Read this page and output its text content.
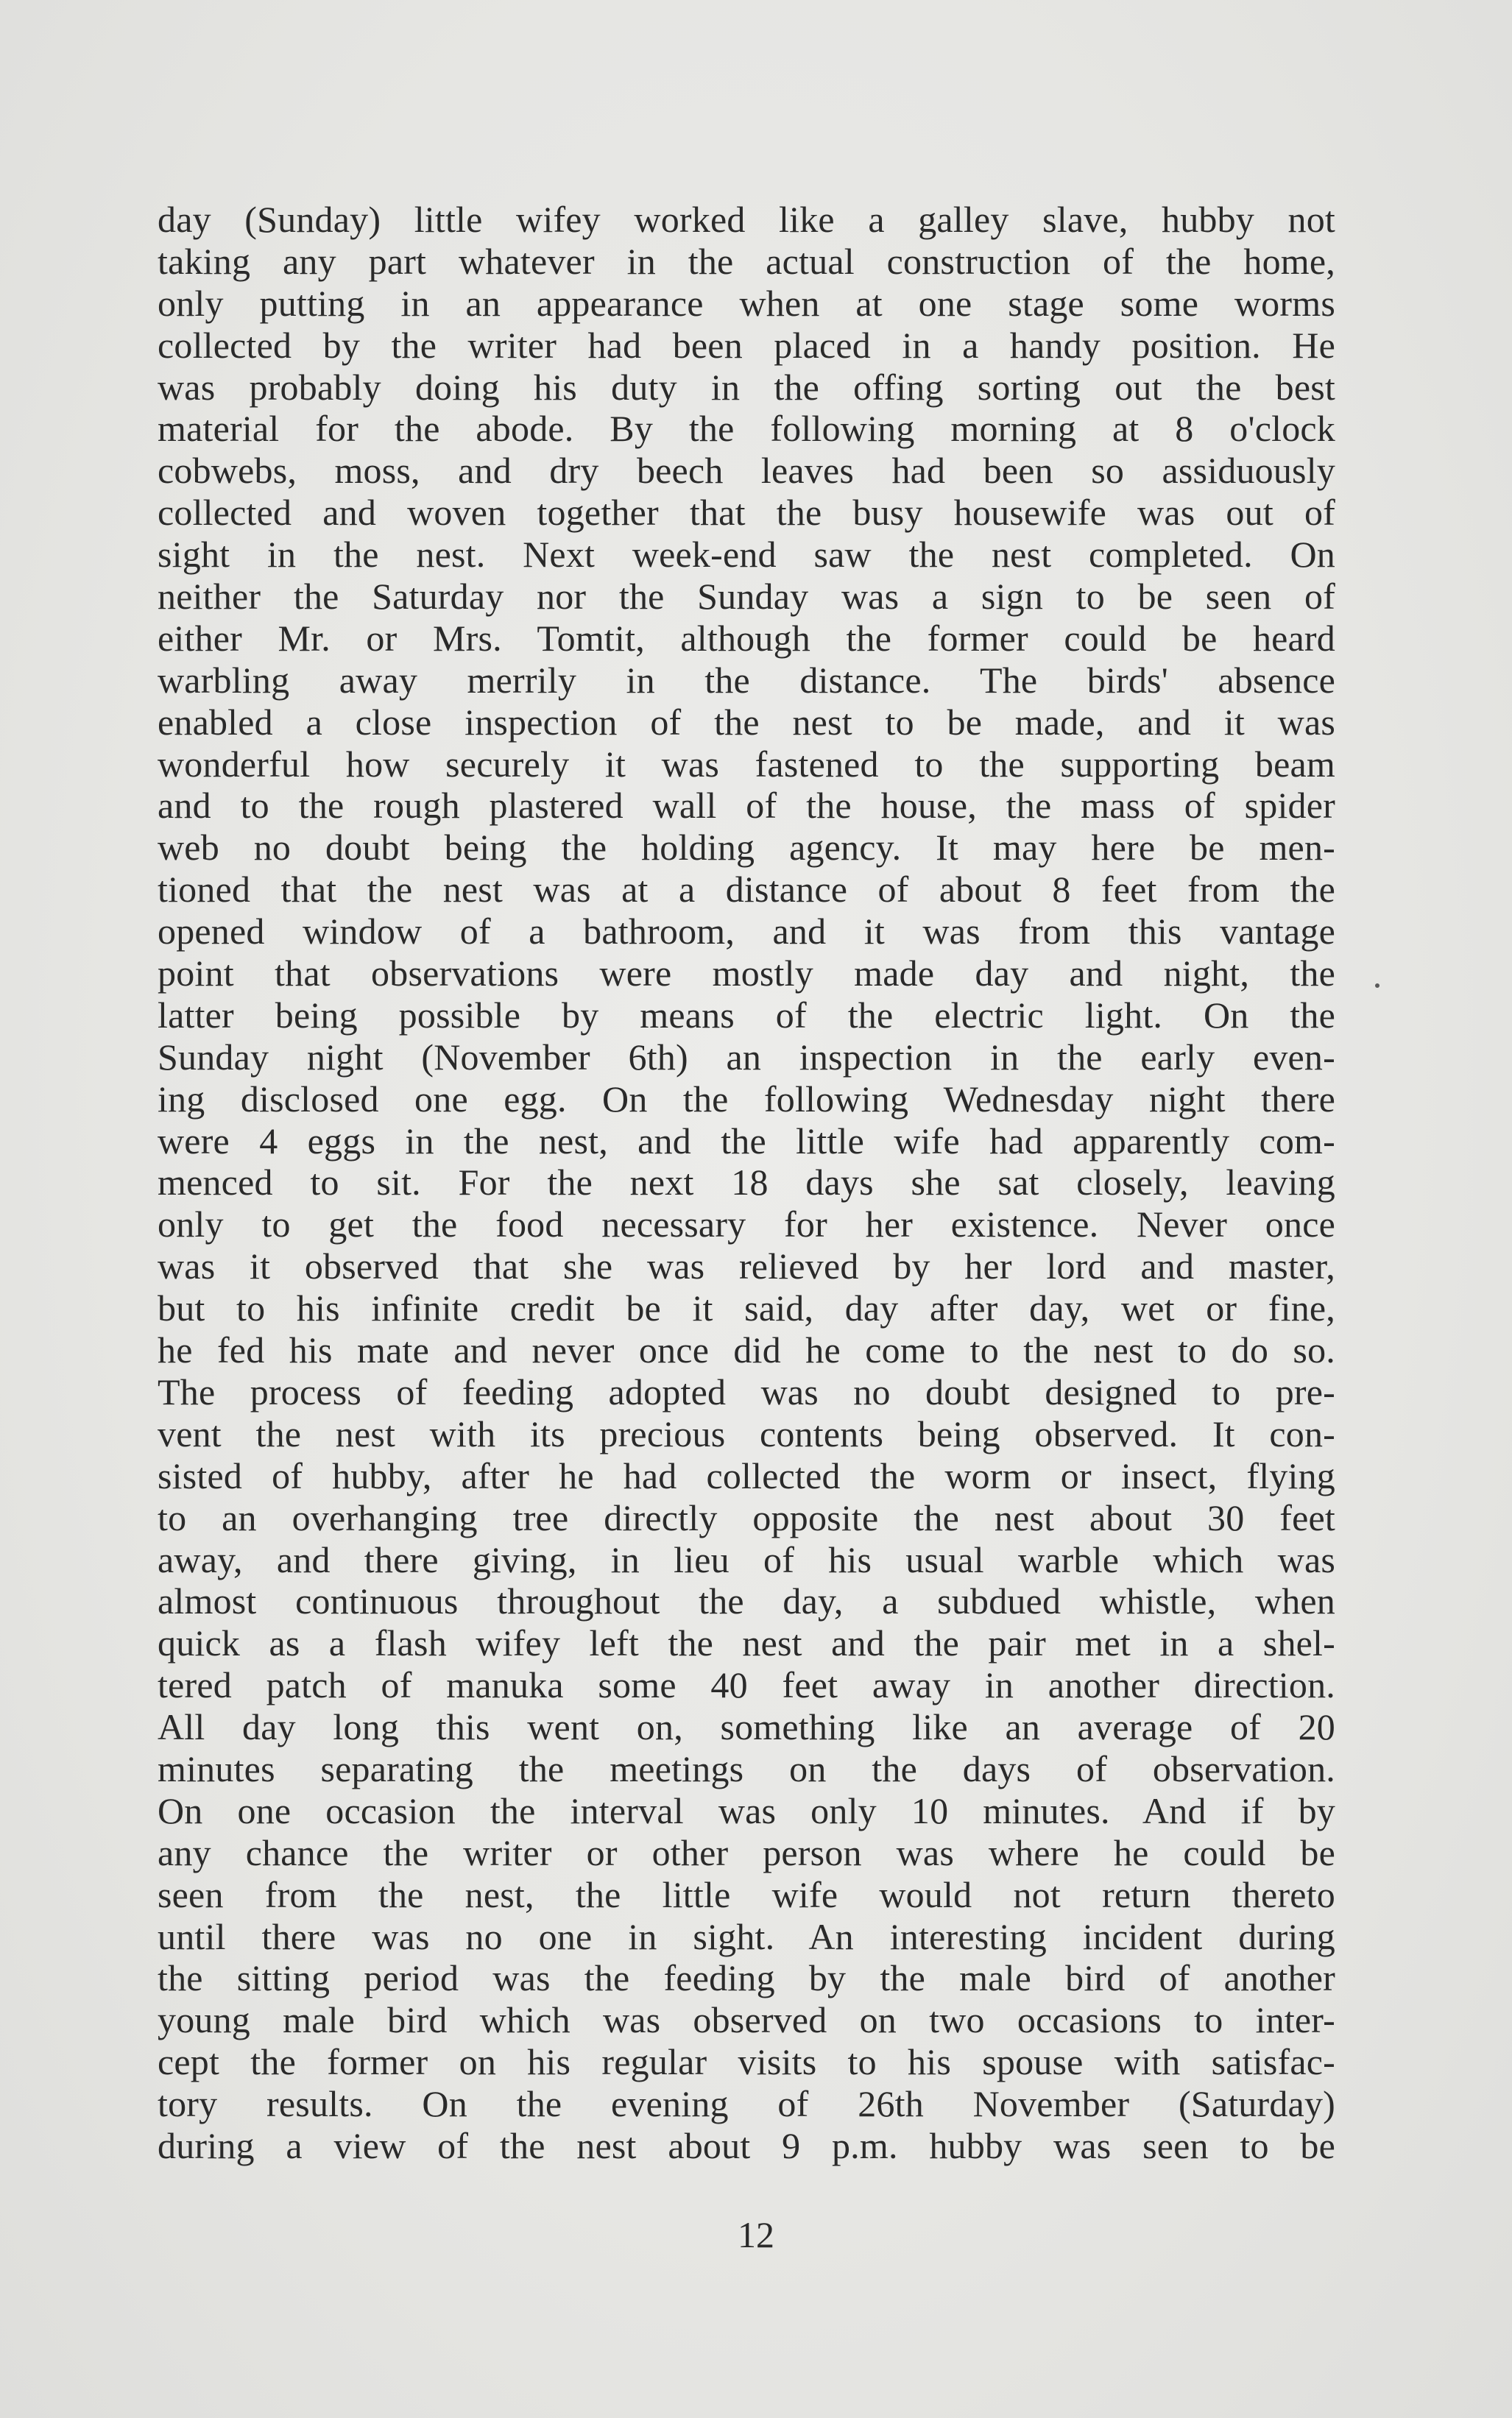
day (Sunday) little wifey worked like a galley slave, hubby not
taking any part whatever in the actual construction of the home,
only putting in an appearance when at one stage some worms
collected by the writer had been placed in a handy position. He
was probably doing his duty in the offing sorting out the best
material for the abode. By the following morning at 8 o'clock
cobwebs, moss, and dry beech leaves had been so assiduously
collected and woven together that the busy housewife was out of
sight in the nest. Next week-end saw the nest completed. On
neither the Saturday nor the Sunday was a sign to be seen of
either Mr. or Mrs. Tomtit, although the former could be heard
warbling away merrily in the distance. The birds' absence
enabled a close inspection of the nest to be made, and it was
wonderful how securely it was fastened to the supporting beam
and to the rough plastered wall of the house, the mass of spider
web no doubt being the holding agency. It may here be men-
tioned that the nest was at a distance of about 8 feet from the
opened window of a bathroom, and it was from this vantage
point that observations were mostly made day and night, the
latter being possible by means of the electric light. On the
Sunday night (November 6th) an inspection in the early even-
ing disclosed one egg. On the following Wednesday night there
were 4 eggs in the nest, and the little wife had apparently com-
menced to sit. For the next 18 days she sat closely, leaving
only to get the food necessary for her existence. Never once
was it observed that she was relieved by her lord and master,
but to his infinite credit be it said, day after day, wet or fine,
he fed his mate and never once did he come to the nest to do so.
The process of feeding adopted was no doubt designed to pre-
vent the nest with its precious contents being observed. It con-
sisted of hubby, after he had collected the worm or insect, flying
to an overhanging tree directly opposite the nest about 30 feet
away, and there giving, in lieu of his usual warble which was
almost continuous throughout the day, a subdued whistle, when
quick as a flash wifey left the nest and the pair met in a shel-
tered patch of manuka some 40 feet away in another direction.
All day long this went on, something like an average of 20
minutes separating the meetings on the days of observation.
On one occasion the interval was only 10 minutes. And if by
any chance the writer or other person was where he could be
seen from the nest, the little wife would not return thereto
until there was no one in sight. An interesting incident during
the sitting period was the feeding by the male bird of another
young male bird which was observed on two occasions to inter-
cept the former on his regular visits to his spouse with satisfac-
tory results. On the evening of 26th November (Saturday)
during a view of the nest about 9 p.m. hubby was seen to be
12
